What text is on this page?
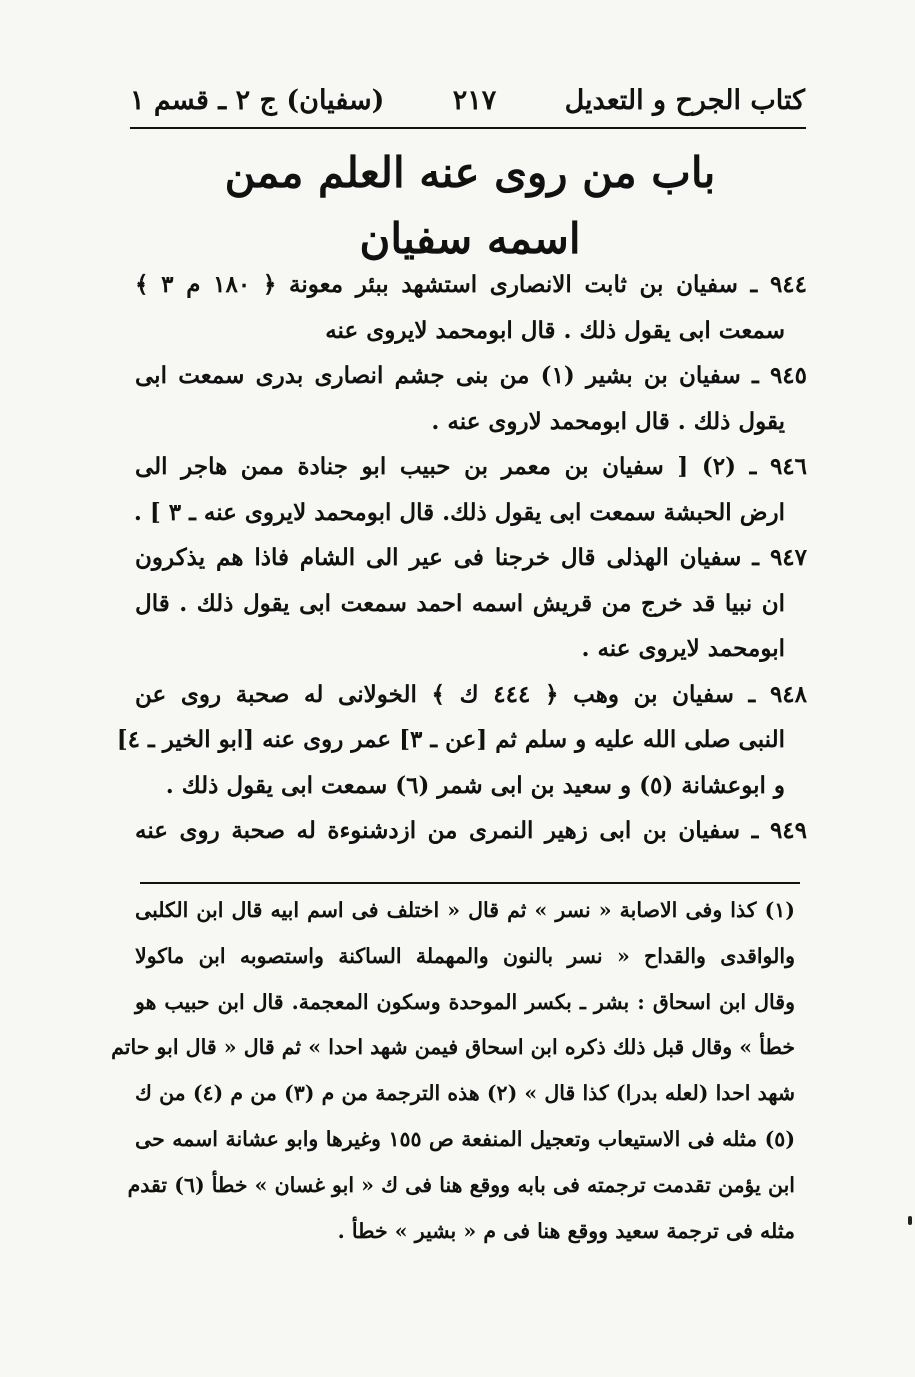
كتاب الجرح و التعديل
٢١٧
(سفيان) ج ٢ ـ قسم ١
باب من روى عنه العلم ممن
اسمه سفيان
٩٤٤ ـ سفيان بن ثابت الانصارى استشهد ببئر معونة ﴿ ١٨٠ م ٣ ﴾
سمعت ابى يقول ذلك . قال ابومحمد لايروى عنه
٩٤٥ ـ سفيان بن بشير (١) من بنى جشم انصارى بدرى سمعت ابى
يقول ذلك . قال ابومحمد لاروى عنه .
٩٤٦ ـ (٢) [ سفيان بن معمر بن حبيب ابو جنادة ممن هاجر الى
ارض الحبشة سمعت ابى يقول ذلك. قال ابومحمد لايروى عنه ـ ٣ ] .
٩٤٧ ـ سفيان الهذلى قال خرجنا فى عير الى الشام فاذا هم يذكرون
ان نبيا قد خرج من قريش اسمه احمد سمعت ابى يقول ذلك . قال
ابومحمد لايروى عنه .
٩٤٨ ـ سفيان بن وهب ﴿ ٤٤٤ ك ﴾ الخولانى له صحبة روى عن
النبى صلى الله عليه و سلم ثم [عن ـ ٣] عمر روى عنه [ابو الخير ـ ٤]
و ابوعشانة (٥) و سعيد بن ابى شمر (٦) سمعت ابى يقول ذلك .
٩٤٩ ـ سفيان بن ابى زهير النمرى من ازدشنوءة له صحبة روى عنه
(١) كذا وفى الاصابة « نسر » ثم قال « اختلف فى اسم ابيه قال ابن الكلبى
والواقدى والقداح « نسر بالنون والمهملة الساكنة واستصوبه ابن ماكولا
وقال ابن اسحاق : بشر ـ بكسر الموحدة وسكون المعجمة. قال ابن حبيب هو
خطأ » وقال قبل ذلك ذكره ابن اسحاق فيمن شهد احدا » ثم قال « قال ابو حاتم
شهد احدا (لعله بدرا) كذا قال » (٢) هذه الترجمة من م (٣) من م (٤) من ك
(٥) مثله فى الاستيعاب وتعجيل المنفعة ص ١٥٥ وغيرها وابو عشانة اسمه حى
ابن يؤمن تقدمت ترجمته فى بابه ووقع هنا فى ك « ابو غسان » خطأ (٦) تقدم
مثله فى ترجمة سعيد ووقع هنا فى م « بشير » خطأ .
